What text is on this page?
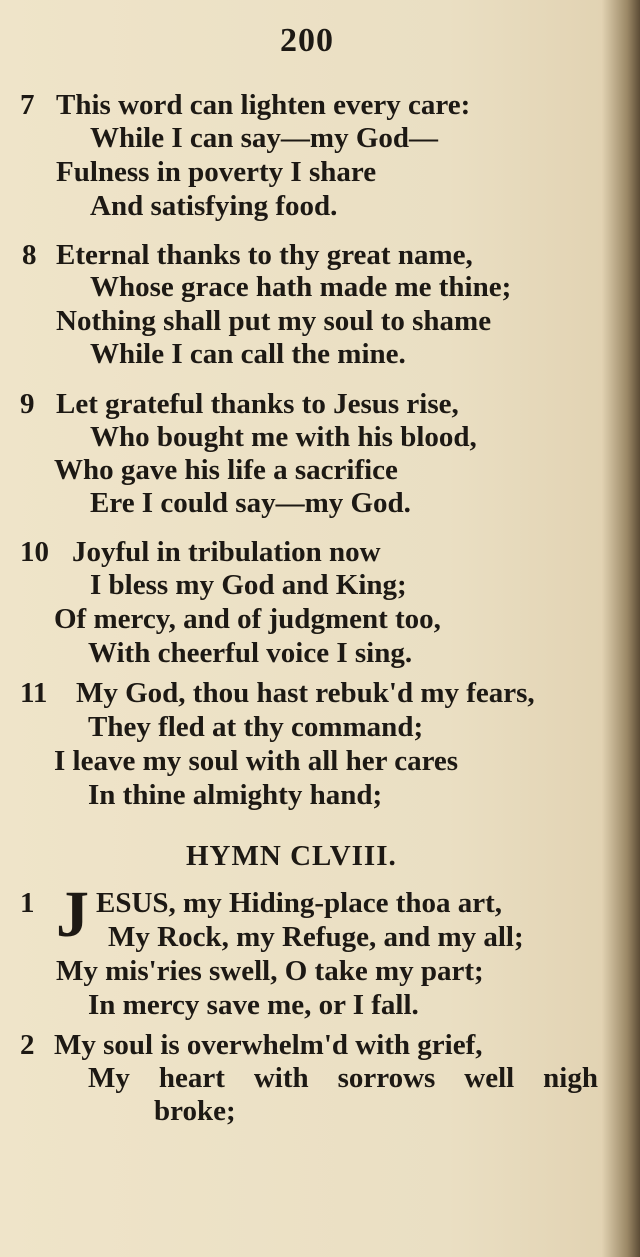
200
7 This word can lighten every care:
While I can say—my God—
Fulness in poverty I share
And satisfying food.
8 Eternal thanks to thy great name,
Whose grace hath made me thine;
Nothing shall put my soul to shame
While I can call the mine.
9 Let grateful thanks to Jesus rise,
Who bought me with his blood,
Who gave his life a sacrifice
Ere I could say—my God.
10 Joyful in tribulation now
I bless my God and King;
Of mercy, and of judgment too,
With cheerful voice I sing.
11 My God, thou hast rebuk'd my fears,
They fled at thy command;
I leave my soul with all her cares
In thine almighty hand;
HYMN CLVIII.
1 J ESUS, my Hiding-place thoa art,
My Rock, my Refuge, and my all;
My mis'ries swell, O take my part;
In mercy save me, or I fall.
2 My soul is overwhelm'd with grief,
My heart with sorrows well nigh
broke;
